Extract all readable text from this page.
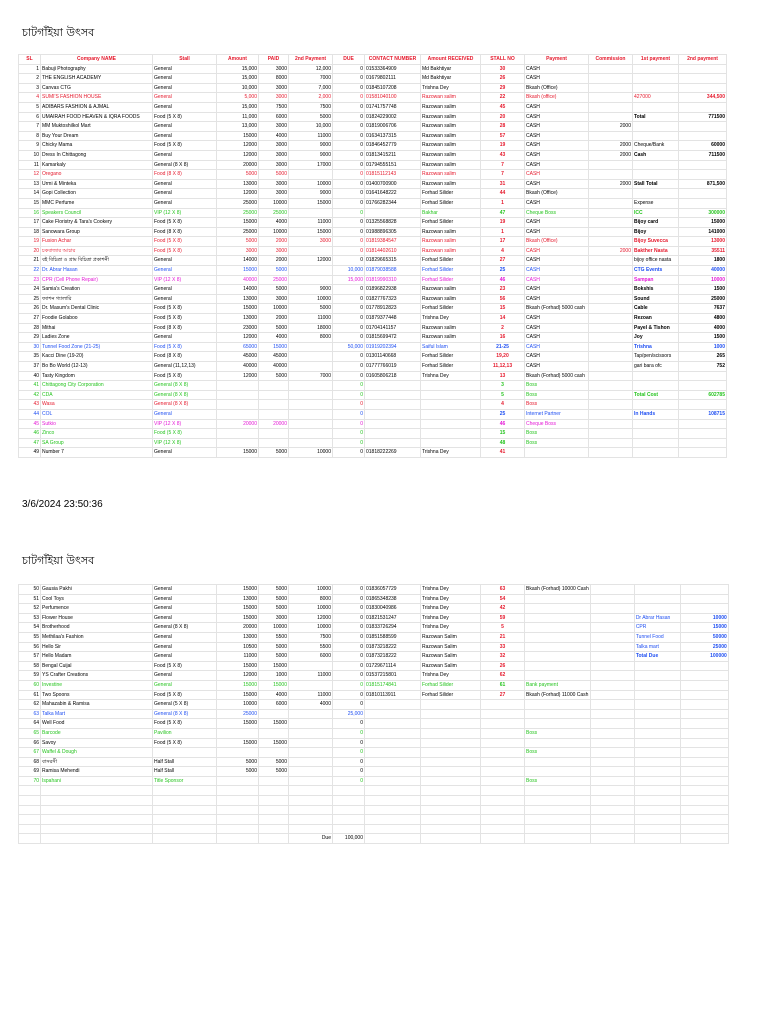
চাটগাঁইয়া উৎসব
SL	Company NAME	Stall	Amount	PAID	2nd Payment	DUE	CONTACT NUMBER	Amount RECEIVED	STALL NO	Payment	Commission	1st payment	2nd payment
1	Babuji Photography	General	15,000	3000	12,000	0	01533364909	Md Bakhtiyar	30	CASH			
2	THE ENGLISH ACADEMY	General	15,000	8000	7000	0	01679802111	Md Bakhtiyar	26	CASH			
3	Canvas CTG	General	10,000	3000	7,000	0	01845107208	Trishna Dey	29	Bkash (Office)			
4	SUMI'S FASHION HOUSE	General	5,000	3000	2,000	0	01581040100	Razowan salim	22	Bkash (office)		427000	344,500
5	ADIBARS FASHION & AJMAL	General	15,000	7500	7500	0	01741757748	Razowan salim	45	CASH			
6	UMAIRAH FOOD HEAVEN & IQRA FOODS	Food (5 X 8)	11,000	6000	5000	0	01824229002	Razowan salim	20	CASH		Total	771500
7	MM Muktoshilkol Mart	General	13,000	3000	10,000	0	01819006706	Razowan salim	28	CASH	2000		
8	Buy Your Dream	General	15000	4000	11000	0	01634137315	Razowan salim	57	CASH			
9	Chicky Mama	Food (5 X 8)	12000	3000	9000	0	01846452779	Razowan salim	19	CASH	2000	Cheque/Bank	60000
10	Dress In Chittagong	General	12000	3000	9000	0	01813415211	Razowan salim	43	CASH	2000	Cash	711500
11	Kamarkaly	General (8 X 8)	20000	3000	17000	0	01794555151	Razowan salim	7	CASH			
12	Oregano	Food (8 X 8)	5000	5000		0	01815112143	Razowan salim	7	CASH			
13	Urmi & Minteka	General	13000	3000	10000	0	01400700900	Razowan salim	31	CASH	2000	Stall Total	871,500
14	Gopi Collection	General	12000	3000	9000	0	01641648222	Forhad Silider	44	Bkash (Office)			
15	MMC Perfume	General	25000	10000	15000	0	01766282344	Forhad Silider	1	CASH		Expense	
16	Speakers Council	VIP (12 X 8)	25000	25000		0		Bakhar	47	Cheque Boss		ICC	300000
17	Cake Floristry & Tara's Cookery	Food (5 X 8)	15000	4000	11000	0	01325568828	Forhad Silider	19	CASH		Bijoy card	15000
18	Sanowara Group	Food (8 X 8)	25000	10000	15000	0	01988896305	Razowan salim	1	CASH		Bijoy	141000
19	Fusion Achar	Food (5 X 8)	5000	2000	3000	0	01819384547	Razowan salim	17	Bkash (Office)		Bijoy Suvecca	13000
20	চকবাজার আচার	Food (5 X 8)	3000	3000		0	01814402610	Razowan salim	4	CASH	2000	Bakther Nasta	35511
21	বই বিচিত্রা ও গ্রাম বিচিত্রা প্রকাশনী	General	14000	2000	12000	0	01829665315	Forhad Silider	27	CASH		bijoy office nasta	1800
22	Dr. Abrar Hasan	General	15000	5000		10,000	01879038588	Forhad Silider	25	CASH		CTG Events	40000
23	CPR (Cell Phone Repair)	VIP (12 X 8)	40000	25000		15,000	01819990310	Forhad Silider	46	CASH		Sampan	10000
24	Samia's Creation	General	14000	5000	9000	0	01896822938	Razowan salim	23	CASH		Bokshis	1500
25	ফ্যাশন গ্যালারি	General	13000	3000	10000	0	01827767323	Razowan salim	56	CASH		Sound	25000
26	Dr. Masum's Dental Clinic	Food (5 X 8)	15000	10000	5000	0	01778912823	Forhad Silider	15	Bkash (Forhad) 5000 cash		Cable	7637
27	Foodie Golaboo	Food (5 X 8)	13000	2000	11000	0	01879377448	Trishna Dey	14	CASH		Rezoan	4800
28	Mithai	Food (8 X 8)	23000	5000	18000	0	01704141157	Razowan salim	2	CASH		Payel & Tishon	4000
29	Ladies Zone	General	12000	4000	8000	0	01815699472	Razowan salim	16	CASH		Joy	1500
30	Tunnel Food Zone (21-25)	Food (5 X 8)	65000	15000		50,000	01919202394	Saiful Islam	21-25	CASH		Trishna	1000
35	Kacci Dine (19-20)	Food (8 X 8)	45000	45000		0	01301140668	Forhad Silider	19,20	CASH		Tap/pen/scissors	265
37	Bo Bo World (12-13)	General (11,12,13)	40000	40000		0	01777766019	Forhad Silider	11,12,13	CASH		gari bara ofc	752
40	Tasty Kingdom	Food (5 X 8)	12000	5000	7000	0	01605806218	Trishna Dey	13	Bkash (Forhad) 5000 cash			
41	Chittagong City Corporation	General (8 X 8)				0			3	Boss			
42	CDA	General (8 X 8)				0			5	Boss		Total Cost	602785
43	Wasa	General (8 X 8)				0			4	Boss			
44	COL	General				0			25	Internet Partner		In Hands	108715
45	Sutkio	VIP (12 X 8)	20000	20000		0			46	Cheque Boss			
46	Zinco	Food (5 X 8)				0			15	Boss			
47	SA Group	VIP (12 X 8)				0			48	Boss			
49	Number 7	General	15000	5000	10000	0	01818222269	Trishna Dey	41				
3/6/2024 23:50:36
চাটগাঁইয়া উৎসব
50	Gausia Pakhi	General	15000	5000	10000	0	01836057729	Trishna Dey	63	Bkash (Forhad) 10000 Cash			
51	Cool Toys	General	13000	5000	8000	0	01865348238	Trishna Dey	54				
52	Perfumence	General	15000	5000	10000	0	01830040986	Trishna Dey	42				
53	Flower House	General	15000	3000	12000	0	01821531247	Trishna Dey	59			Dr Abrar Hasan	10000
54	Brotherhood	General (8 X 8)	20000	10000	10000	0	01833726294	Trishna Dey	5			CPR	15000
55	Methilaa's Fashion	General	13000	5500	7500	0	01851588599	Razowan Salim	21			Tunnel Food	50000
56	Hello Sir	General	10500	5000	5500	0	01873218222	Razowan Salim	33			Talka mart	25000
57	Hello Madam	General	11000	5000	6000	0	01873218222	Razowan Salim	32			Total Due	100000
58	Bengal Cuijal	Food (5 X 8)	15000	15000		0	01729671114	Razowan Salim	26				
59	YS Crafter Creations	General	12000	1000	11000	0	01537215801	Trishna Dey	62				
60	Investine	General	15000	15000		0	01815174841	Forhad Silider	61	Bank payment			
61	Two Spoons	Food (5 X 8)	15000	4000	11000	0	01810113911	Forhad Silider	27	Bkash (Forhad) 11000 Cash			
62	Mahazabin & Ramisa	General (5 X 8)	10000	6000	4000	0							
63	Talka Mart	General (8 X 8)	25000			25,000							
64	Well Food	Food (5 X 8)	15000	15000		0							
65	Barcode	Pavilion				0				Boss			
66	Savoy	Food (5 X 8)	15000	15000		0							
67	Waffel & Dough					0				Boss			
68	বাসরসী	Half Stall	5000	5000		0							
69	Ramisa Mehendi	Half Stall	5000	5000		0							
70	Ispahani	Title Sponsor				0				Boss			

					Due	100,000							
